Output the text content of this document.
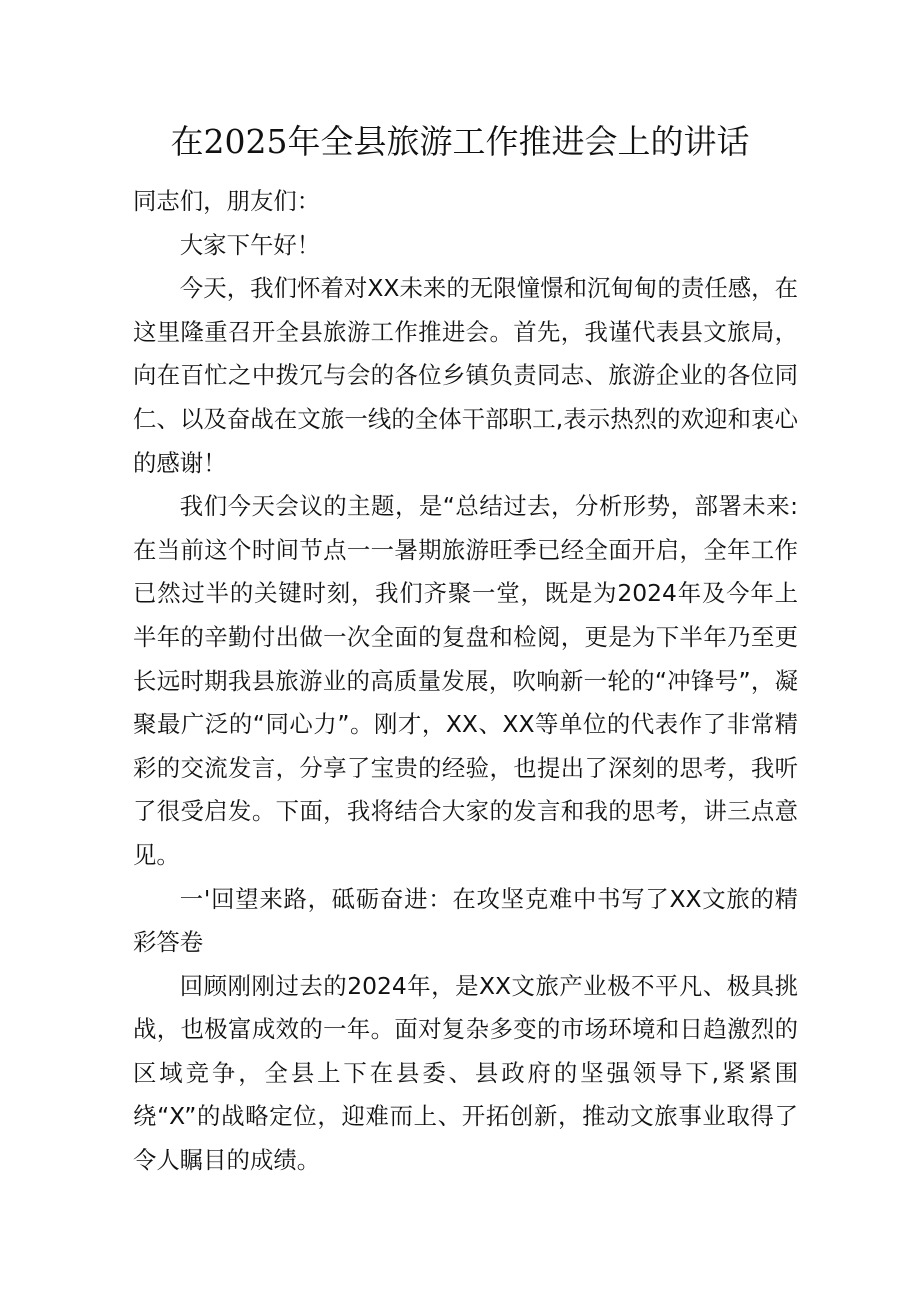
在2025年全县旅游工作推进会上的讲话

同志们，朋友们：

大家下午好！

今天，我们怀着对XX未来的无限憧憬和沉甸甸的责任感，在这里隆重召开全县旅游工作推进会。首先，我谨代表县文旅局，向在百忙之中拨冗与会的各位乡镇负责同志、旅游企业的各位同仁、以及奋战在文旅一线的全体干部职工,表示热烈的欢迎和衷心的感谢！

我们今天会议的主题，是“总结过去，分析形势，部署未来:在当前这个时间节点一一暑期旅游旺季已经全面开启，全年工作已然过半的关键时刻，我们齐聚一堂，既是为2024年及今年上半年的辛勤付出做一次全面的复盘和检阅，更是为下半年乃至更长远时期我县旅游业的高质量发展，吹响新一轮的“冲锋号”，凝聚最广泛的“同心力”。刚才，XX、XX等单位的代表作了非常精彩的交流发言，分享了宝贵的经验，也提出了深刻的思考，我听了很受启发。下面，我将结合大家的发言和我的思考，讲三点意见。

一'回望来路，砥砺奋进：在攻坚克难中书写了XX文旅的精彩答卷

回顾刚刚过去的2024年，是XX文旅产业极不平凡、极具挑战，也极富成效的一年。面对复杂多变的市场环境和日趋激烈的区域竞争，全县上下在县委、县政府的坚强领导下,紧紧围绕“X”的战略定位，迎难而上、开拓创新，推动文旅事业取得了令人瞩目的成绩。
